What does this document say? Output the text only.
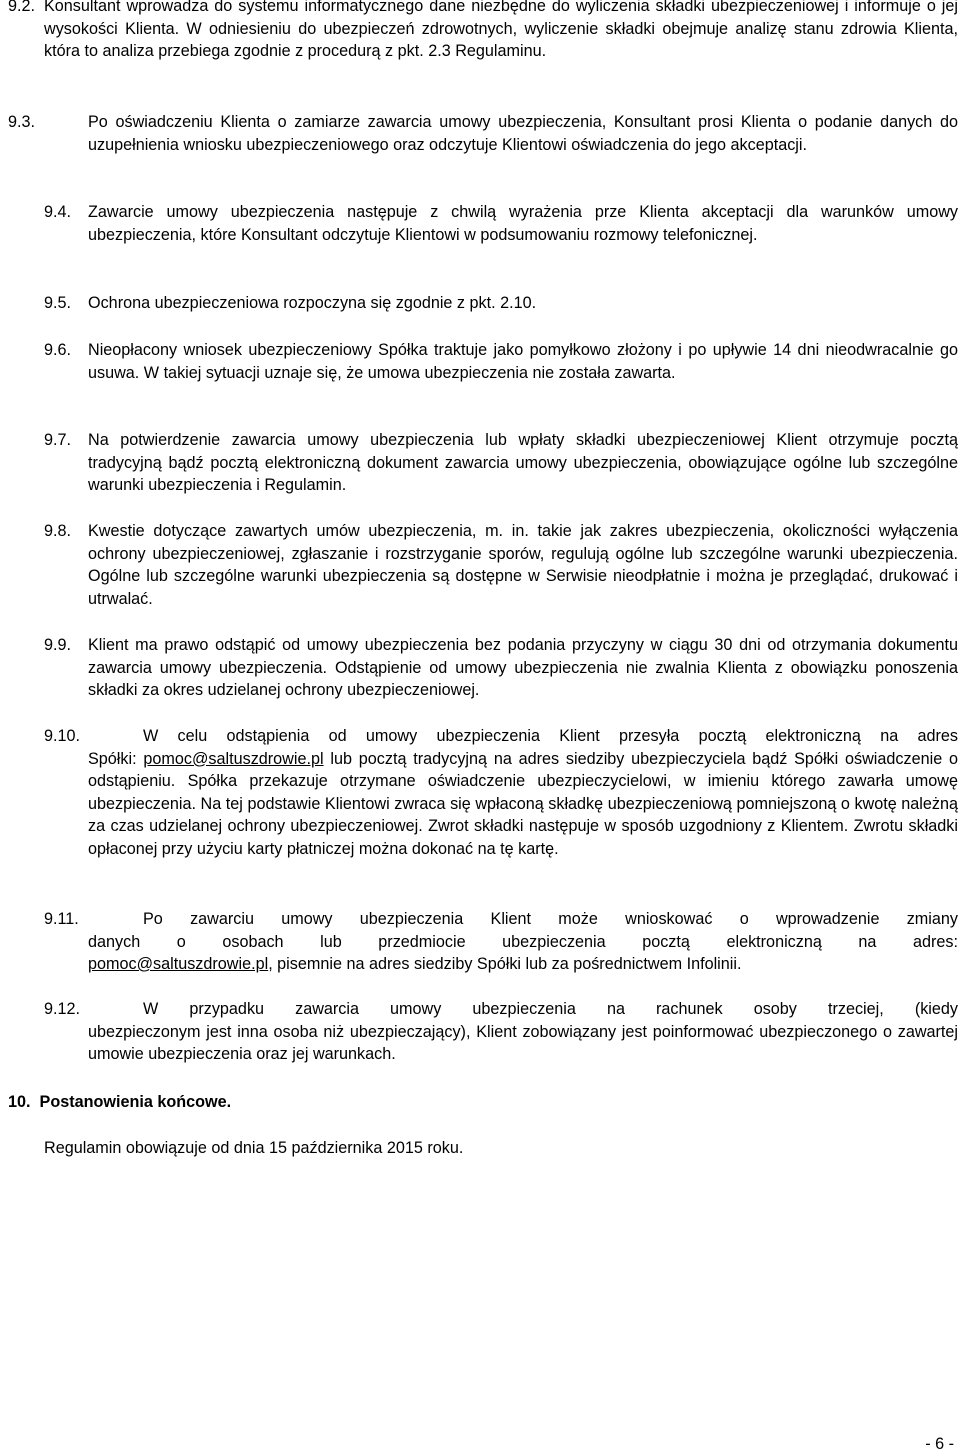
9.2. Konsultant wprowadza do systemu informatycznego dane niezbędne do wyliczenia składki ubezpieczeniowej i informuje o jej wysokości Klienta. W odniesieniu do ubezpieczeń zdrowotnych, wyliczenie składki obejmuje analizę stanu zdrowia Klienta, która to analiza przebiega zgodnie z procedurą z pkt. 2.3 Regulaminu.
9.3.	Po oświadczeniu Klienta o zamiarze zawarcia umowy ubezpieczenia, Konsultant prosi Klienta o podanie danych do uzupełnienia wniosku ubezpieczeniowego oraz odczytuje Klientowi oświadczenia do jego akceptacji.
9.4.	Zawarcie umowy ubezpieczenia następuje z chwilą wyrażenia prze Klienta akceptacji dla warunków umowy ubezpieczenia, które Konsultant odczytuje Klientowi w podsumowaniu rozmowy telefonicznej.
9.5.	Ochrona ubezpieczeniowa rozpoczyna się zgodnie z pkt. 2.10.
9.6.	Nieopłacony wniosek ubezpieczeniowy Spółka traktuje jako pomyłkowo złożony i po upływie 14 dni nieodwracalnie go usuwa. W takiej sytuacji uznaje się, że umowa ubezpieczenia nie została zawarta.
9.7.	Na potwierdzenie zawarcia umowy ubezpieczenia lub wpłaty składki ubezpieczeniowej Klient otrzymuje pocztą tradycyjną bądź pocztą elektroniczną dokument zawarcia umowy ubezpieczenia, obowiązujące ogólne lub szczególne warunki ubezpieczenia i Regulamin.
9.8.	Kwestie dotyczące zawartych umów ubezpieczenia, m. in. takie jak zakres ubezpieczenia, okoliczności wyłączenia ochrony ubezpieczeniowej, zgłaszanie i rozstrzyganie sporów, regulują ogólne lub szczególne warunki ubezpieczenia. Ogólne lub szczególne warunki ubezpieczenia są dostępne w Serwisie nieodpłatnie i można je przeglądać, drukować i utrwalać.
9.9.	Klient ma prawo odstąpić od umowy ubezpieczenia bez podania przyczyny w ciągu 30 dni od otrzymania dokumentu zawarcia umowy ubezpieczenia. Odstąpienie od umowy ubezpieczenia nie zwalnia Klienta z obowiązku ponoszenia składki za okres udzielanej ochrony ubezpieczeniowej.
9.10.	W celu odstąpienia od umowy ubezpieczenia Klient przesyła pocztą elektroniczną na adres
Spółki: pomoc@saltuszdrowie.pl lub pocztą tradycyjną na adres siedziby ubezpieczyciela bądź Spółki oświadczenie o odstąpieniu. Spółka przekazuje otrzymane oświadczenie ubezpieczycielowi, w imieniu którego zawarła umowę ubezpieczenia. Na tej podstawie Klientowi zwraca się wpłaconą składkę ubezpieczeniową pomniejszoną o kwotę należną za czas udzielanej ochrony ubezpieczeniowej. Zwrot składki następuje w sposób uzgodniony z Klientem. Zwrotu składki opłaconej przy użyciu karty płatniczej można dokonać na tę kartę.
9.11.	Po zawarciu umowy ubezpieczenia Klient może wnioskować o wprowadzenie zmiany
danych o osobach lub przedmiocie ubezpieczenia pocztą elektroniczną na adres:
pomoc@saltuszdrowie.pl, pisemnie na adres siedziby Spółki lub za pośrednictwem Infolinii.
9.12.	W przypadku zawarcia umowy ubezpieczenia na rachunek osoby trzeciej, (kiedy
ubezpieczonym jest inna osoba niż ubezpieczający), Klient zobowiązany jest poinformować ubezpieczonego o zawartej umowie ubezpieczenia oraz jej warunkach.
10. Postanowienia końcowe.
Regulamin obowiązuje od dnia 15 października 2015 roku.
- 6 -
